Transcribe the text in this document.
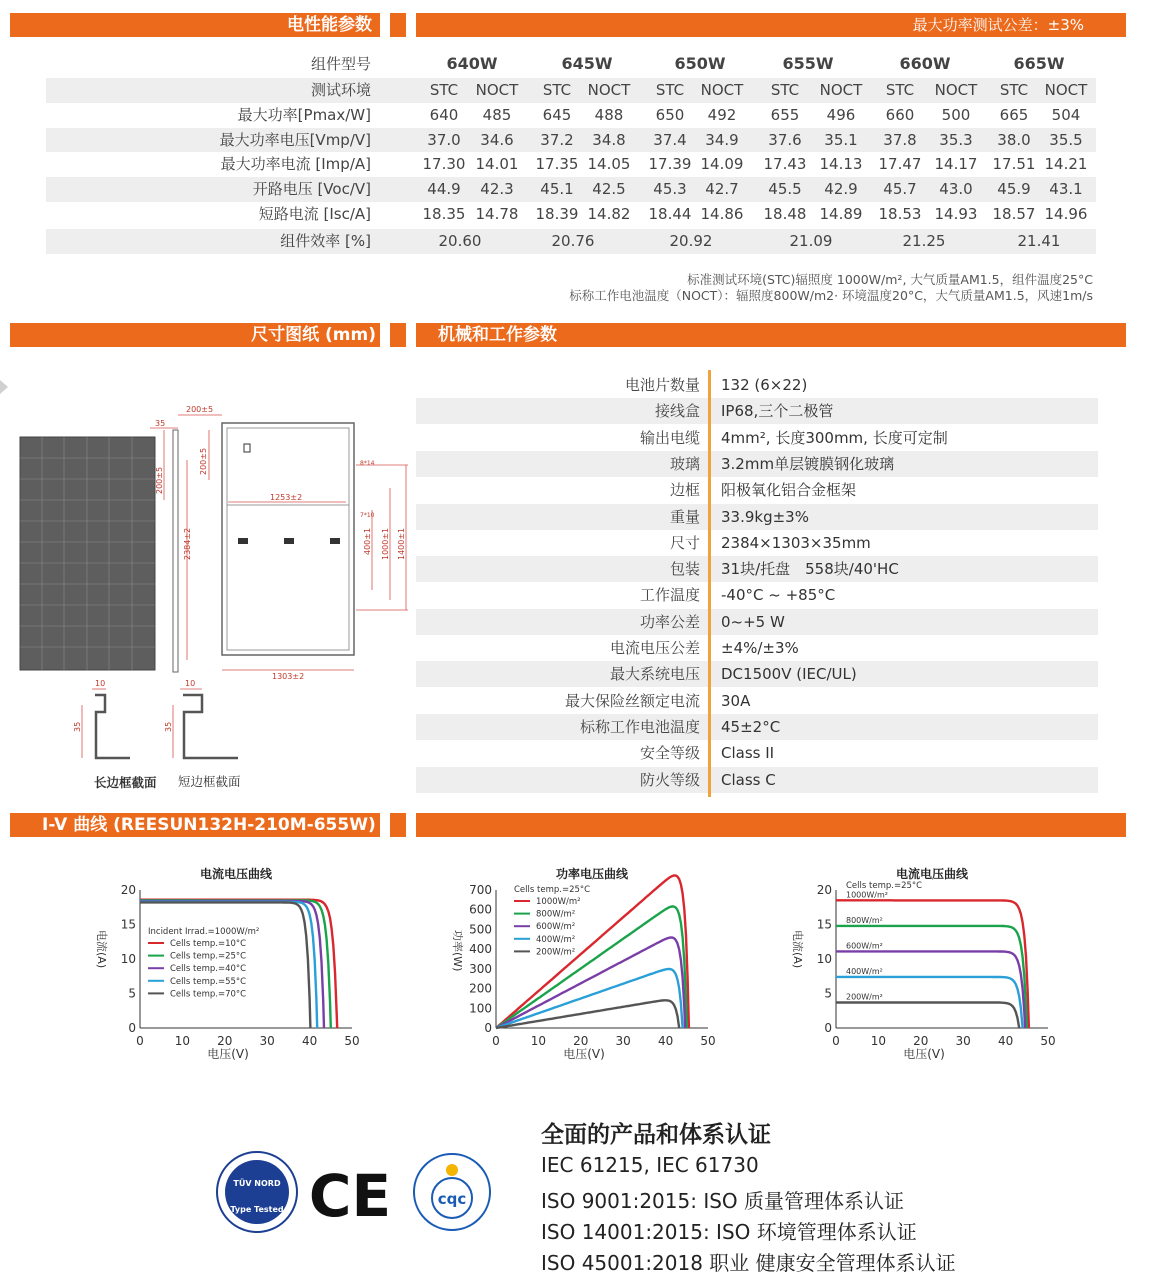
电性能参数	最大功率测试公差：±3%
尺寸图纸 (mm)	机械和工作参数
I-V 曲线 (REESUN132H-210M-655W)
组件型号	640W	645W	650W	655W	660W	665W
测试环境	STC	NOCT	STC	NOCT	STC	NOCT	STC	NOCT	STC	NOCT	STC	NOCT
最大功率[Pmax/W]	640	485	645	488	650	492	655	496	660	500	665	504
最大功率电压[Vmp/V]	37.0	34.6	37.2	34.8	37.4	34.9	37.6	35.1	37.8	35.3	38.0	35.5
最大功率电流 [Imp/A]	17.30 14.01	17.35 14.05	17.39 14.09	17.43 14.13	17.47 14.17	17.51 14.21
开路电压 [Voc/V]	44.9	42.3	45.1	42.5	45.3	42.7	45.5	42.9	45.7	43.0	45.9	43.1
短路电流 [Isc/A]	18.35 14.78	18.39 14.82	18.44 14.86	18.48 14.89	18.53 14.93	18.57 14.96
组件效率 [%]	20.60	20.76	20.92	21.09	21.25	21.41
标准测试环境(STC)辐照度 1000W/m², 大气质量AM1.5，组件温度25°C
标称工作电池温度（NOCT）：辐照度800W/m2· 环境温度20°C，大气质量AM1.5，风速1m/s
200±5
35
200±5
200±5
2384±2
1253±2
1303±2
400±1 1000±1 1400±1
8*14
7*10
10
35
10
35
长边框截面 短边框截面
电池片数量 132 (6×22)
接线盒 IP68,三个二极管
输出电缆 4mm², 长度300mm, 长度可定制
玻璃 3.2mm单层镀膜钢化玻璃
边框 阳极氧化铝合金框架
重量 33.9kg±3%
尺寸 2384×1303×35mm
包装 31块/托盘　558块/40'HC
工作温度 -40°C ~ +85°C
功率公差 0~+5 W
电流电压公差 ±4%/±3%
最大系统电压 DC1500V (IEC/UL)
最大保险丝额定电流 30A
标称工作电池温度 45±2°C
安全等级 Class II
防火等级 Class C
电流电压曲线
0	10 20 30 40 50
0
5
10
15
20
电压(V)
电流(A)	Incident Irrad.=1000W/m²
Cells temp.=10°C
Cells temp.=25°C
Cells temp.=40°C
Cells temp.=55°C
Cells temp.=70°C
功率电压曲线
0	10 20 30 40 50
0
100
200
300
400
500
600
700
电压(V)
功率(W)
Cells temp.=25°C
1000W/m²
800W/m²
600W/m²
400W/m²
200W/m²
电流电压曲线
0	10 20 30 40 50
0
5
10
15
20
电压(V)
电流(A)
Cells temp.=25°C
1000W/m²
800W/m²
600W/m²
400W/m²
200W/m²
TÜV NORD
Type Tested CE	cqc
全面的产品和体系认证
IEC 61215, IEC 61730
ISO 9001:2015: ISO 质量管理体系认证
ISO 14001:2015: ISO 环境管理体系认证
ISO 45001:2018 职业 健康安全管理体系认证
